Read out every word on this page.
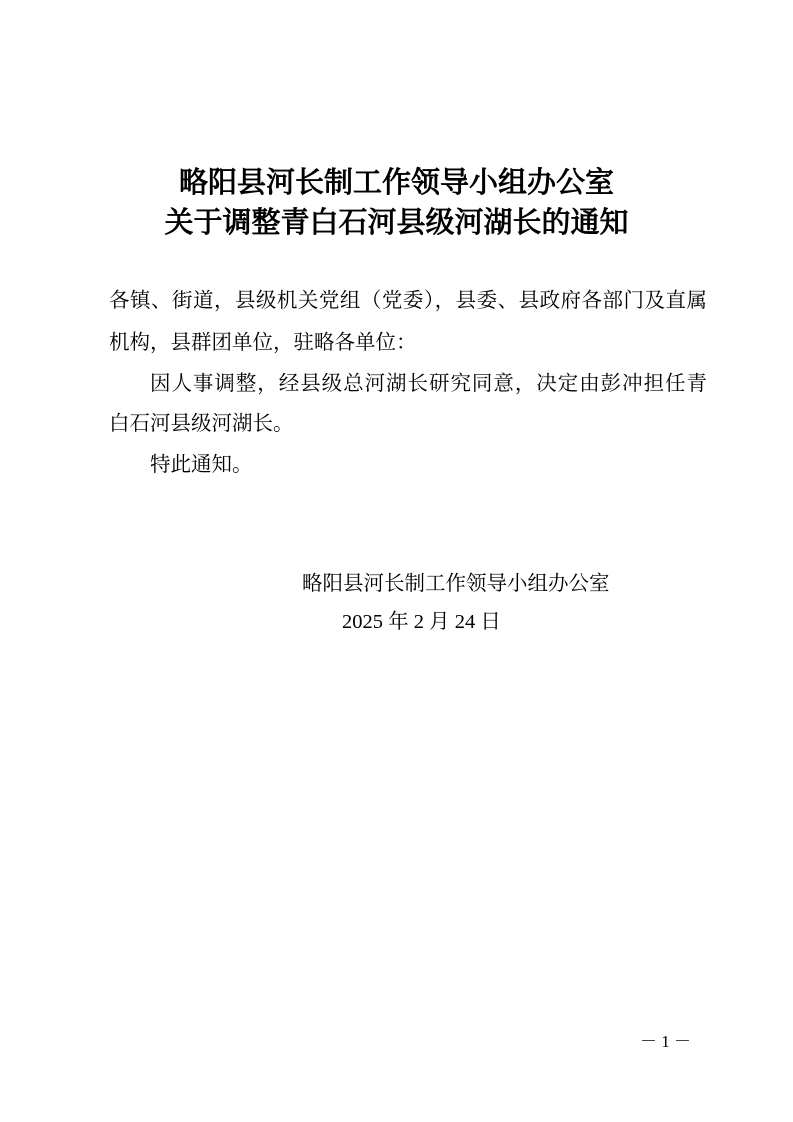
略阳县河长制工作领导小组办公室
关于调整青白石河县级河湖长的通知
各镇、街道，县级机关党组（党委），县委、县政府各部门及直属
机构，县群团单位，驻略各单位：
因人事调整，经县级总河湖长研究同意，决定由彭冲担任青
白石河县级河湖长。
特此通知。
略阳县河长制工作领导小组办公室
2025 年 2 月 24 日
－ 1 －
